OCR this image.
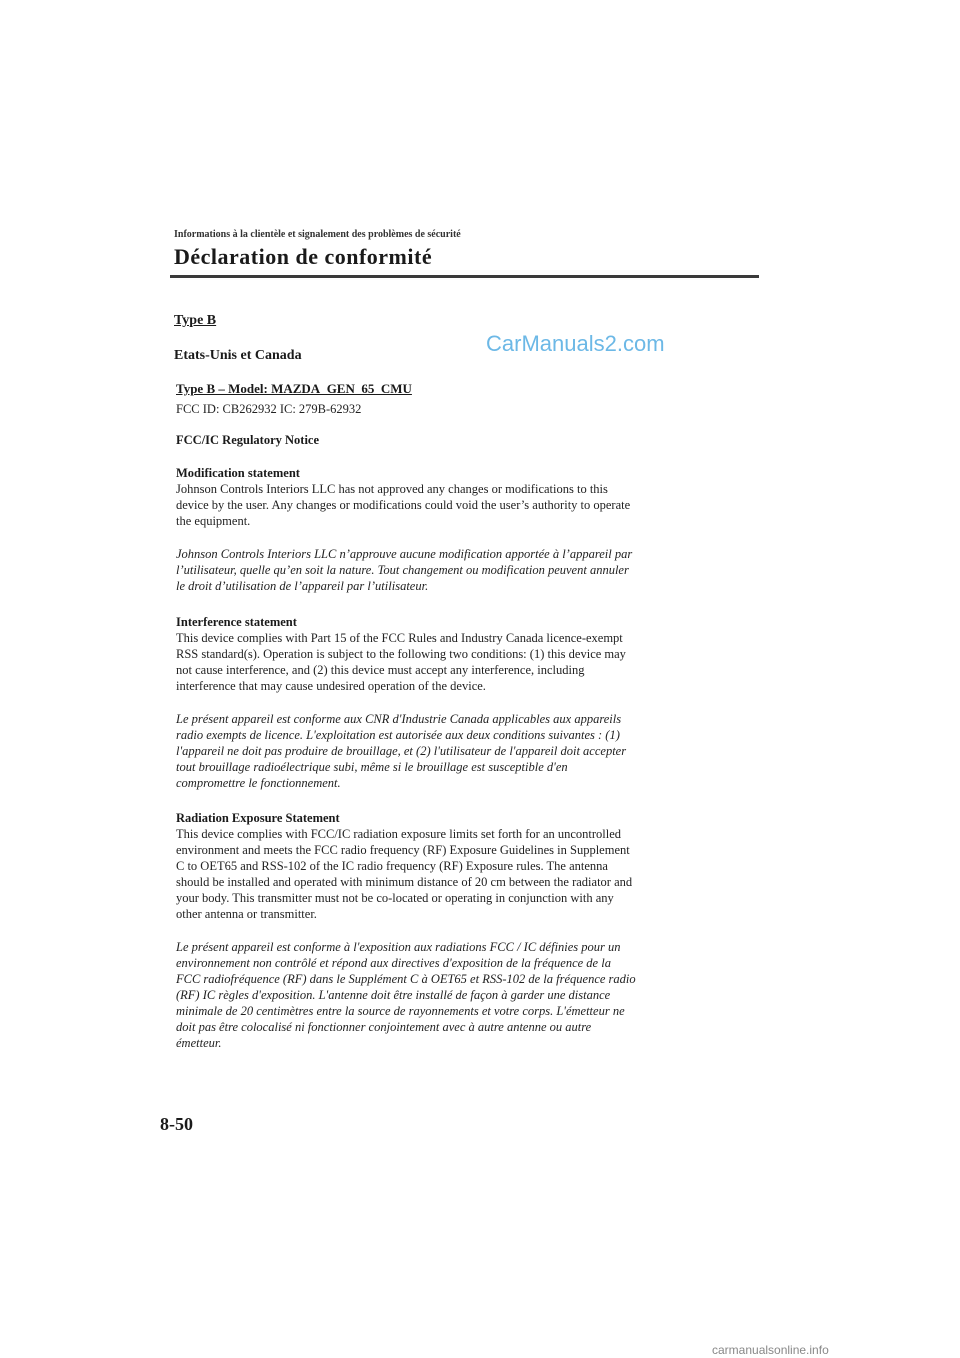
Informations à la clientèle et signalement des problèmes de sécurité
Déclaration de conformité
Type B
Etats-Unis et Canada	CarManuals2.com
Type B – Model: MAZDA_GEN_65_CMU
FCC ID: CB262932 IC: 279B-62932
FCC/IC Regulatory Notice
Modification statement
Johnson Controls Interiors LLC has not approved any changes or modifications to this
device by the user. Any changes or modifications could void the user’s authority to operate
the equipment.
Johnson Controls Interiors LLC n’approuve aucune modification apportée à l’appareil par
l’utilisateur, quelle qu’en soit la nature. Tout changement ou modification peuvent annuler
le droit d’utilisation de l’appareil par l’utilisateur.
Interference statement
This device complies with Part 15 of the FCC Rules and Industry Canada licence-exempt
RSS standard(s). Operation is subject to the following two conditions: (1) this device may
not cause interference, and (2) this device must accept any interference, including
interference that may cause undesired operation of the device.
Le présent appareil est conforme aux CNR d'Industrie Canada applicables aux appareils
radio exempts de licence. L'exploitation est autorisée aux deux conditions suivantes : (1)
l'appareil ne doit pas produire de brouillage, et (2) l'utilisateur de l'appareil doit accepter
tout brouillage radioélectrique subi, même si le brouillage est susceptible d'en
compromettre le fonctionnement.
Radiation Exposure Statement
This device complies with FCC/IC radiation exposure limits set forth for an uncontrolled
environment and meets the FCC radio frequency (RF) Exposure Guidelines in Supplement
C to OET65 and RSS-102 of the IC radio frequency (RF) Exposure rules. The antenna
should be installed and operated with minimum distance of 20 cm between the radiator and
your body. This transmitter must not be co-located or operating in conjunction with any
other antenna or transmitter.
Le présent appareil est conforme à l'exposition aux radiations FCC / IC définies pour un
environnement non contrôlé et répond aux directives d'exposition de la fréquence de la
FCC radiofréquence (RF) dans le Supplément C à OET65 et RSS-102 de la fréquence radio
(RF) IC règles d'exposition. L'antenne doit être installé de façon à garder une distance
minimale de 20 centimètres entre la source de rayonnements et votre corps. L'émetteur ne
doit pas être colocalisé ni fonctionner conjointement avec à autre antenne ou autre
émetteur.
8-50
carmanualsonline.info
